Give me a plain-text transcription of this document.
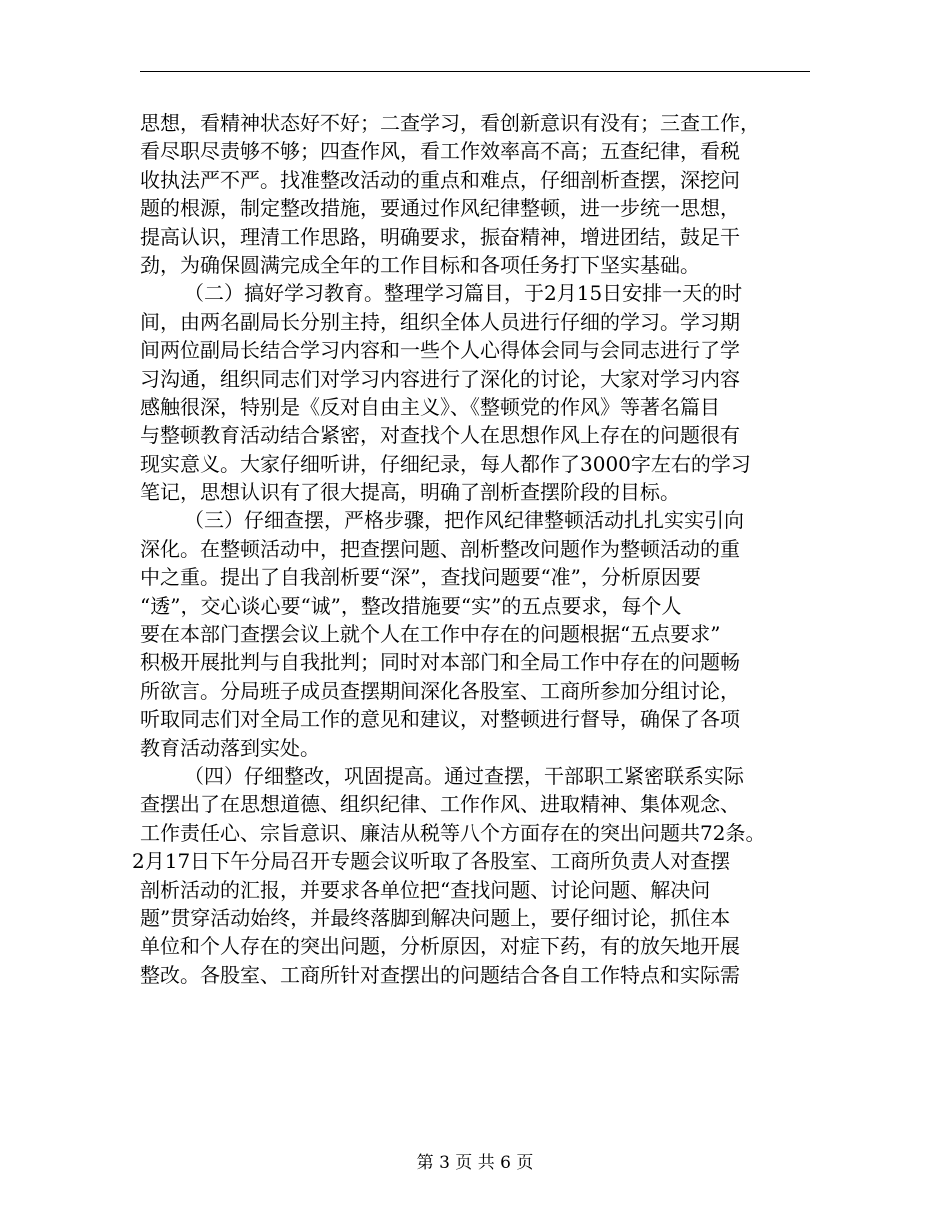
思想，看精神状态好不好；二查学习，看创新意识有没有；三查工作，
看尽职尽责够不够；四查作风，看工作效率高不高；五查纪律，看税
收执法严不严。找准整改活动的重点和难点，仔细剖析查摆，深挖问
题的根源，制定整改措施，要通过作风纪律整顿，进一步统一思想，
提高认识，理清工作思路，明确要求，振奋精神，增进团结，鼓足干
劲，为确保圆满完成全年的工作目标和各项任务打下坚实基础。
（二）搞好学习教育。整理学习篇目，于2月15日安排一天的时
间，由两名副局长分别主持，组织全体人员进行仔细的学习。学习期
间两位副局长结合学习内容和一些个人心得体会同与会同志进行了学
习沟通，组织同志们对学习内容进行了深化的讨论，大家对学习内容
感触很深，特别是《反对自由主义》、《整顿党的作风》等著名篇目
与整顿教育活动结合紧密，对查找个人在思想作风上存在的问题很有
现实意义。大家仔细听讲，仔细纪录，每人都作了3000字左右的学习
笔记，思想认识有了很大提高，明确了剖析查摆阶段的目标。
（三）仔细查摆，严格步骤，把作风纪律整顿活动扎扎实实引向
深化。在整顿活动中，把查摆问题、剖析整改问题作为整顿活动的重
中之重。提出了自我剖析要“深”，查找问题要“准”，分析原因要
“透”，交心谈心要“诚”，整改措施要“实”的五点要求，每个人
要在本部门查摆会议上就个人在工作中存在的问题根据“五点要求”
积极开展批判与自我批判；同时对本部门和全局工作中存在的问题畅
所欲言。分局班子成员查摆期间深化各股室、工商所参加分组讨论，
听取同志们对全局工作的意见和建议，对整顿进行督导，确保了各项
教育活动落到实处。
（四）仔细整改，巩固提高。通过查摆，干部职工紧密联系实际
查摆出了在思想道德、组织纪律、工作作风、进取精神、集体观念、
工作责任心、宗旨意识、廉洁从税等八个方面存在的突出问题共72条。
2月17日下午分局召开专题会议听取了各股室、工商所负责人对查摆
剖析活动的汇报，并要求各单位把“查找问题、讨论问题、解决问
题”贯穿活动始终，并最终落脚到解决问题上，要仔细讨论，抓住本
单位和个人存在的突出问题，分析原因，对症下药，有的放矢地开展
整改。各股室、工商所针对查摆出的问题结合各自工作特点和实际需
第 3 页 共 6 页
